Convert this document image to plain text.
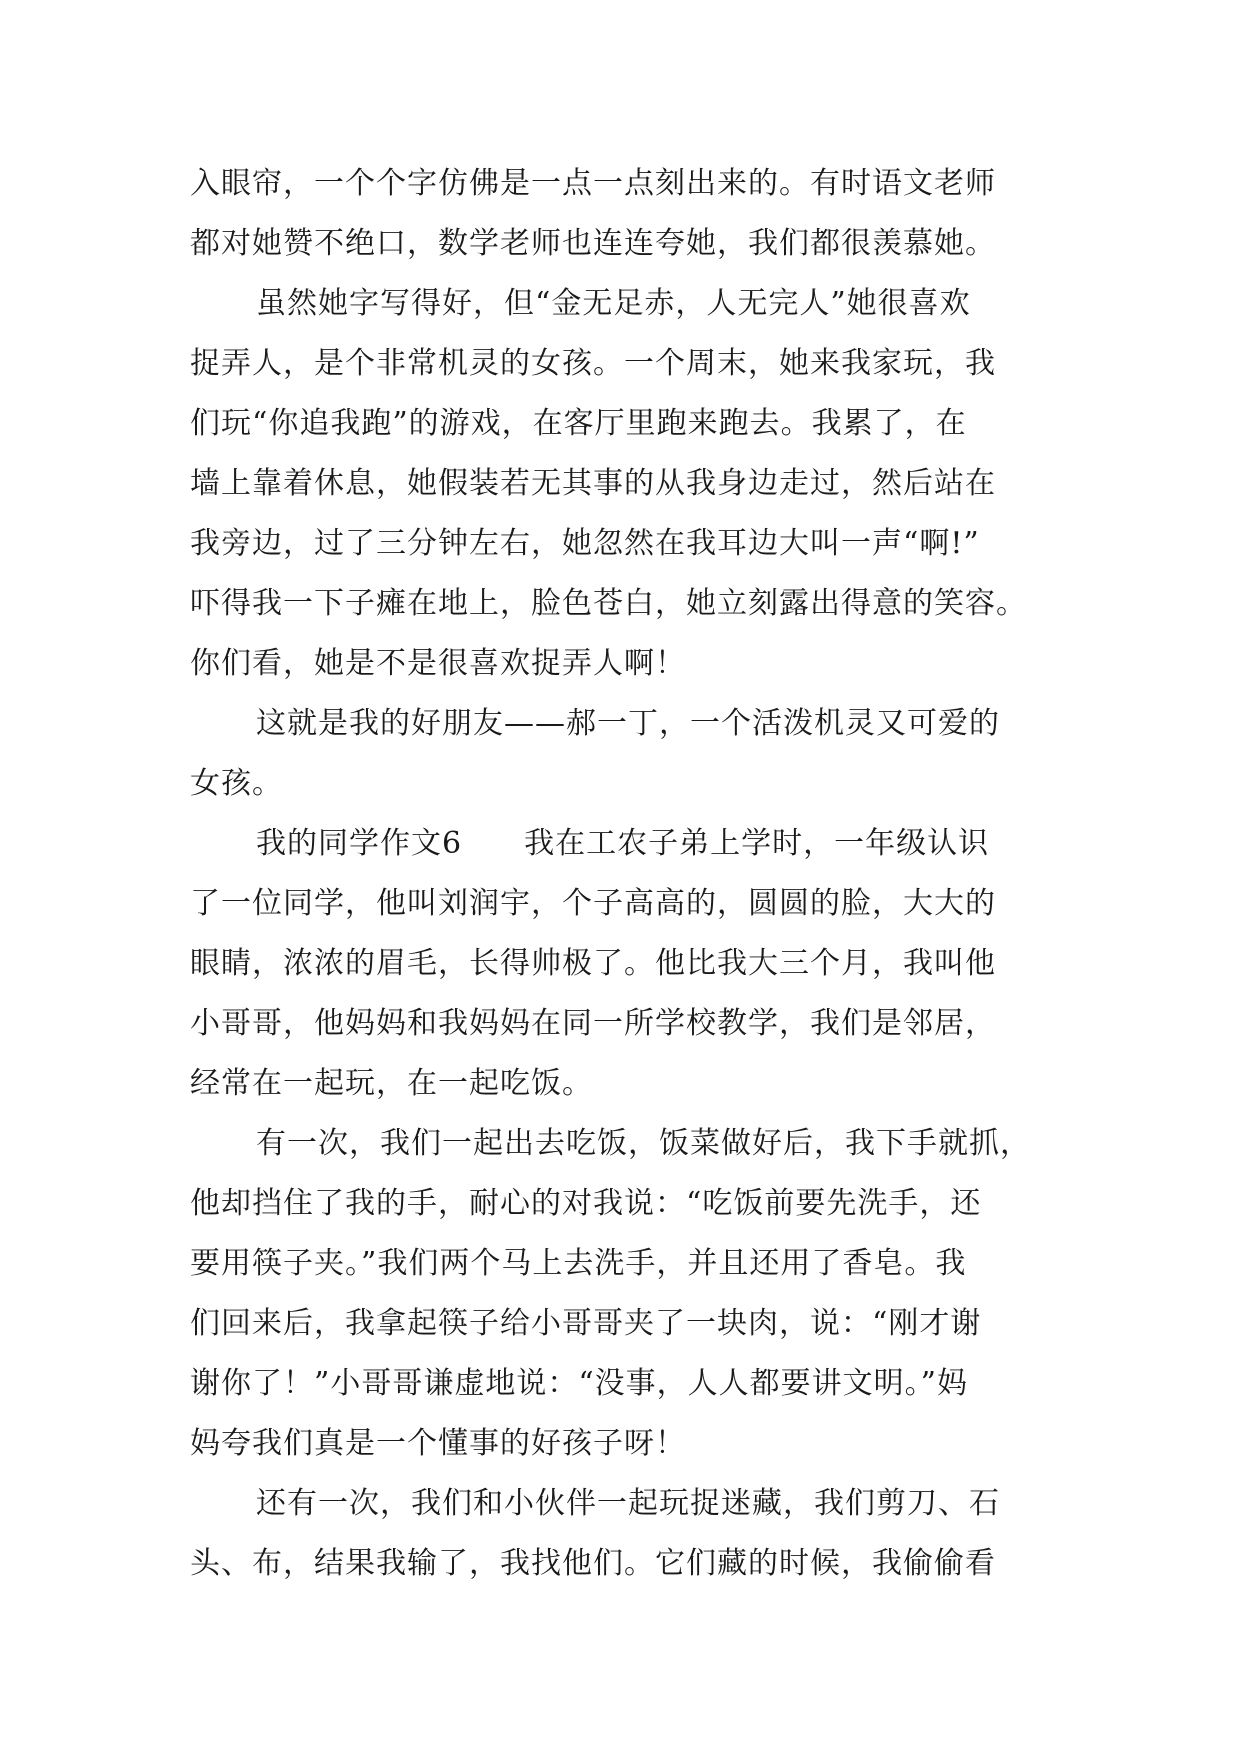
入眼帘，一个个字仿佛是一点一点刻出来的。有时语文老师
都对她赞不绝口，数学老师也连连夸她，我们都很羡慕她。
虽然她字写得好，但“金无足赤，人无完人”她很喜欢
捉弄人，是个非常机灵的女孩。一个周末，她来我家玩，我
们玩“你追我跑”的游戏，在客厅里跑来跑去。我累了，在
墙上靠着休息，她假装若无其事的从我身边走过，然后站在
我旁边，过了三分钟左右，她忽然在我耳边大叫一声“啊!”
吓得我一下子瘫在地上，脸色苍白，她立刻露出得意的笑容。
你们看，她是不是很喜欢捉弄人啊！
这就是我的好朋友——郝一丁，一个活泼机灵又可爱的
女孩。
我的同学作文6　　我在工农子弟上学时，一年级认识
了一位同学，他叫刘润宇，个子高高的，圆圆的脸，大大的
眼睛，浓浓的眉毛，长得帅极了。他比我大三个月，我叫他
小哥哥，他妈妈和我妈妈在同一所学校教学，我们是邻居，
经常在一起玩，在一起吃饭。
有一次，我们一起出去吃饭，饭菜做好后，我下手就抓，
他却挡住了我的手，耐心的对我说：“吃饭前要先洗手，还
要用筷子夹。”我们两个马上去洗手，并且还用了香皂。我
们回来后，我拿起筷子给小哥哥夹了一块肉，说：“刚才谢
谢你了！”小哥哥谦虚地说：“没事，人人都要讲文明。”妈
妈夸我们真是一个懂事的好孩子呀！
还有一次，我们和小伙伴一起玩捉迷藏，我们剪刀、石
头、布，结果我输了，我找他们。它们藏的时候，我偷偷看
